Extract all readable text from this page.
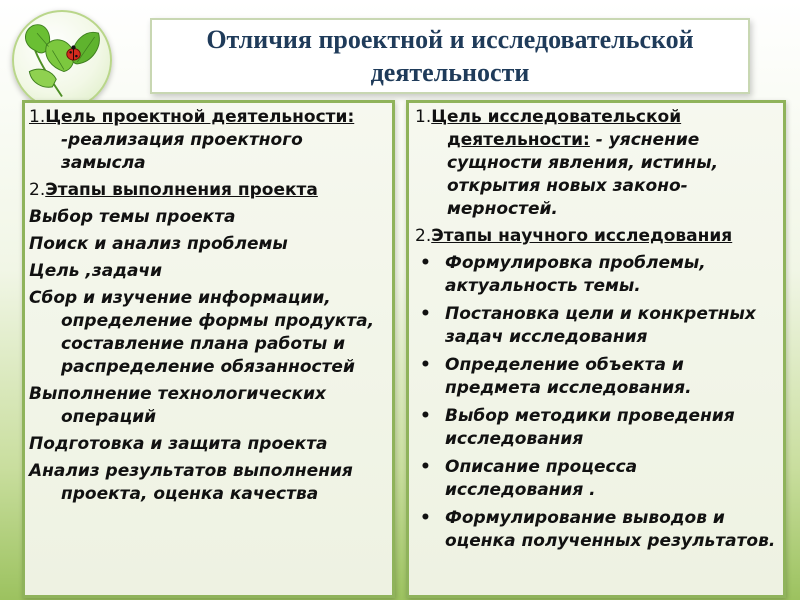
Отличия проектной и исследовательской
деятельности

1.Цель проектной деятельности:
-реализация проектного замысла

2.Этапы выполнения проекта

Выбор темы проекта

Поиск и анализ проблемы

Цель ,задачи

Сбор и изучение информации, определение формы продукта, составление плана работы и распределение обязанностей

Выполнение технологических операций

Подготовка и защита проекта

Анализ результатов выполнения проекта, оценка качества

1.Цель исследовательской деятельности: - уяснение сущности явления, истины, открытия новых законо-мерностей.

2.Этапы научного исследования

• Формулировка проблемы, актуальность темы.
• Постановка цели и конкретных задач исследования
• Определение объекта и предмета исследования.
• Выбор методики проведения исследования
• Описание процесса исследования .
• Формулирование выводов и оценка полученных результатов.
